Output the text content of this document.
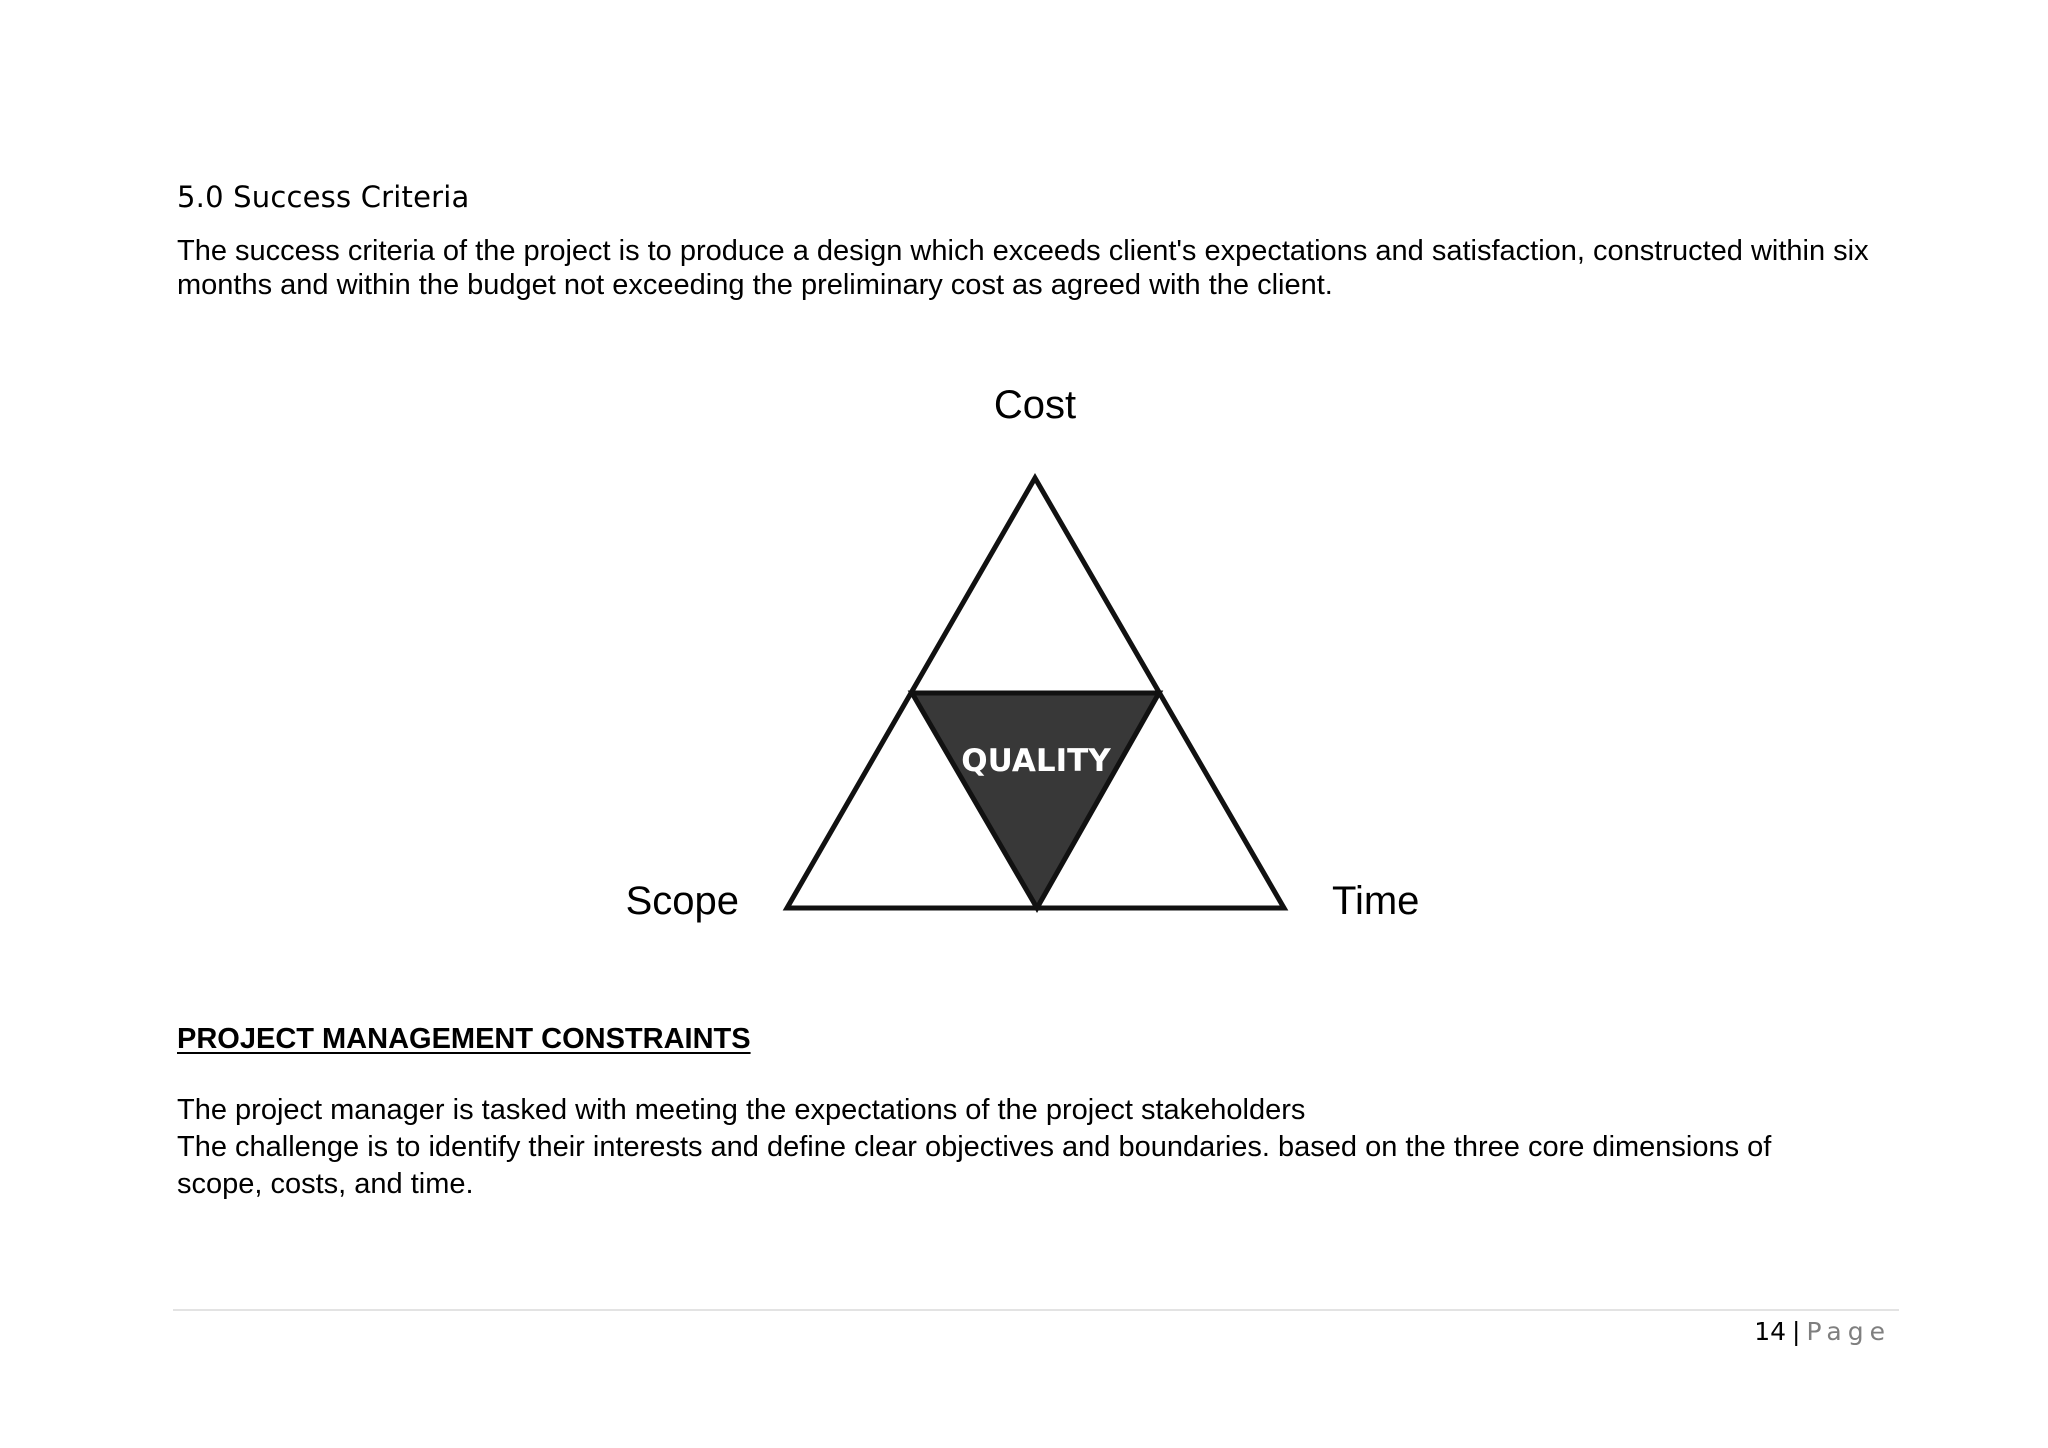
5.0 Success Criteria

The success criteria of the project is to produce a design which exceeds client's expectations and satisfaction, constructed within six months and within the budget not exceeding the preliminary cost as agreed with the client.

QUALITY
Cost
Scope	Time
PROJECT MANAGEMENT CONSTRAINTS

The project manager is tasked with meeting the expectations of the project stakeholders
The challenge is to identify their interests and define clear objectives and boundaries. based on the three core dimensions of
scope, costs, and time.

14 | Page
